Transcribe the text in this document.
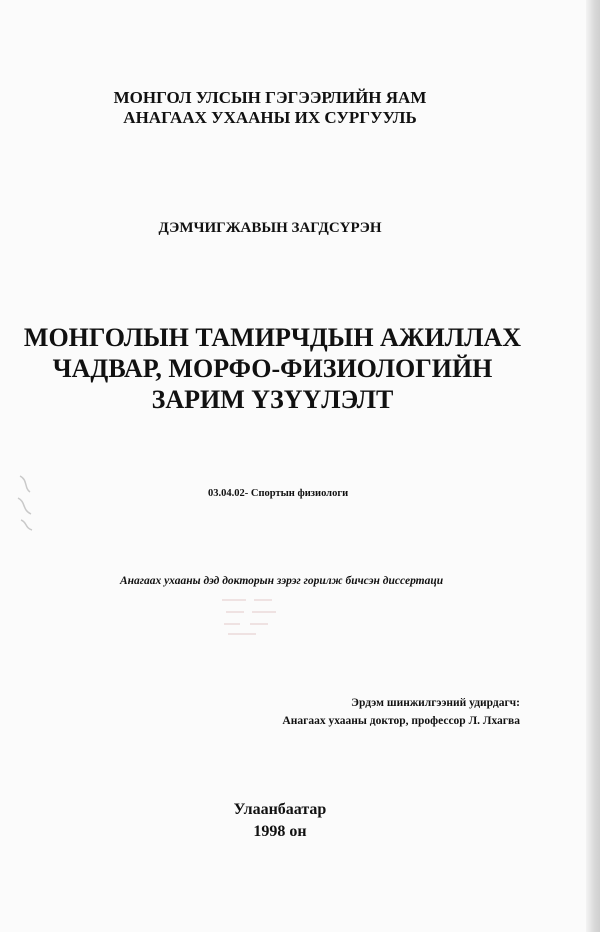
МОНГОЛ УЛСЫН ГЭГЭЭРЛИЙН ЯАМ
АНАГААХ УХААНЫ ИХ СУРГУУЛЬ
ДЭМЧИГЖАВЫН ЗАГДСҮРЭН
МОНГОЛЫН ТАМИРЧДЫН АЖИЛЛАХ
ЧАДВАР, МОРФО-ФИЗИОЛОГИЙН
ЗАРИМ ҮЗҮҮЛЭЛТ
03.04.02- Спортын физиологи
Анагаах ухааны дэд докторын зэрэг горилж бичсэн диссертаци
Эрдэм шинжилгээний удирдагч:
Анагаах ухааны доктор, профессор Л. Лхагва
Улаанбаатар
1998 он
